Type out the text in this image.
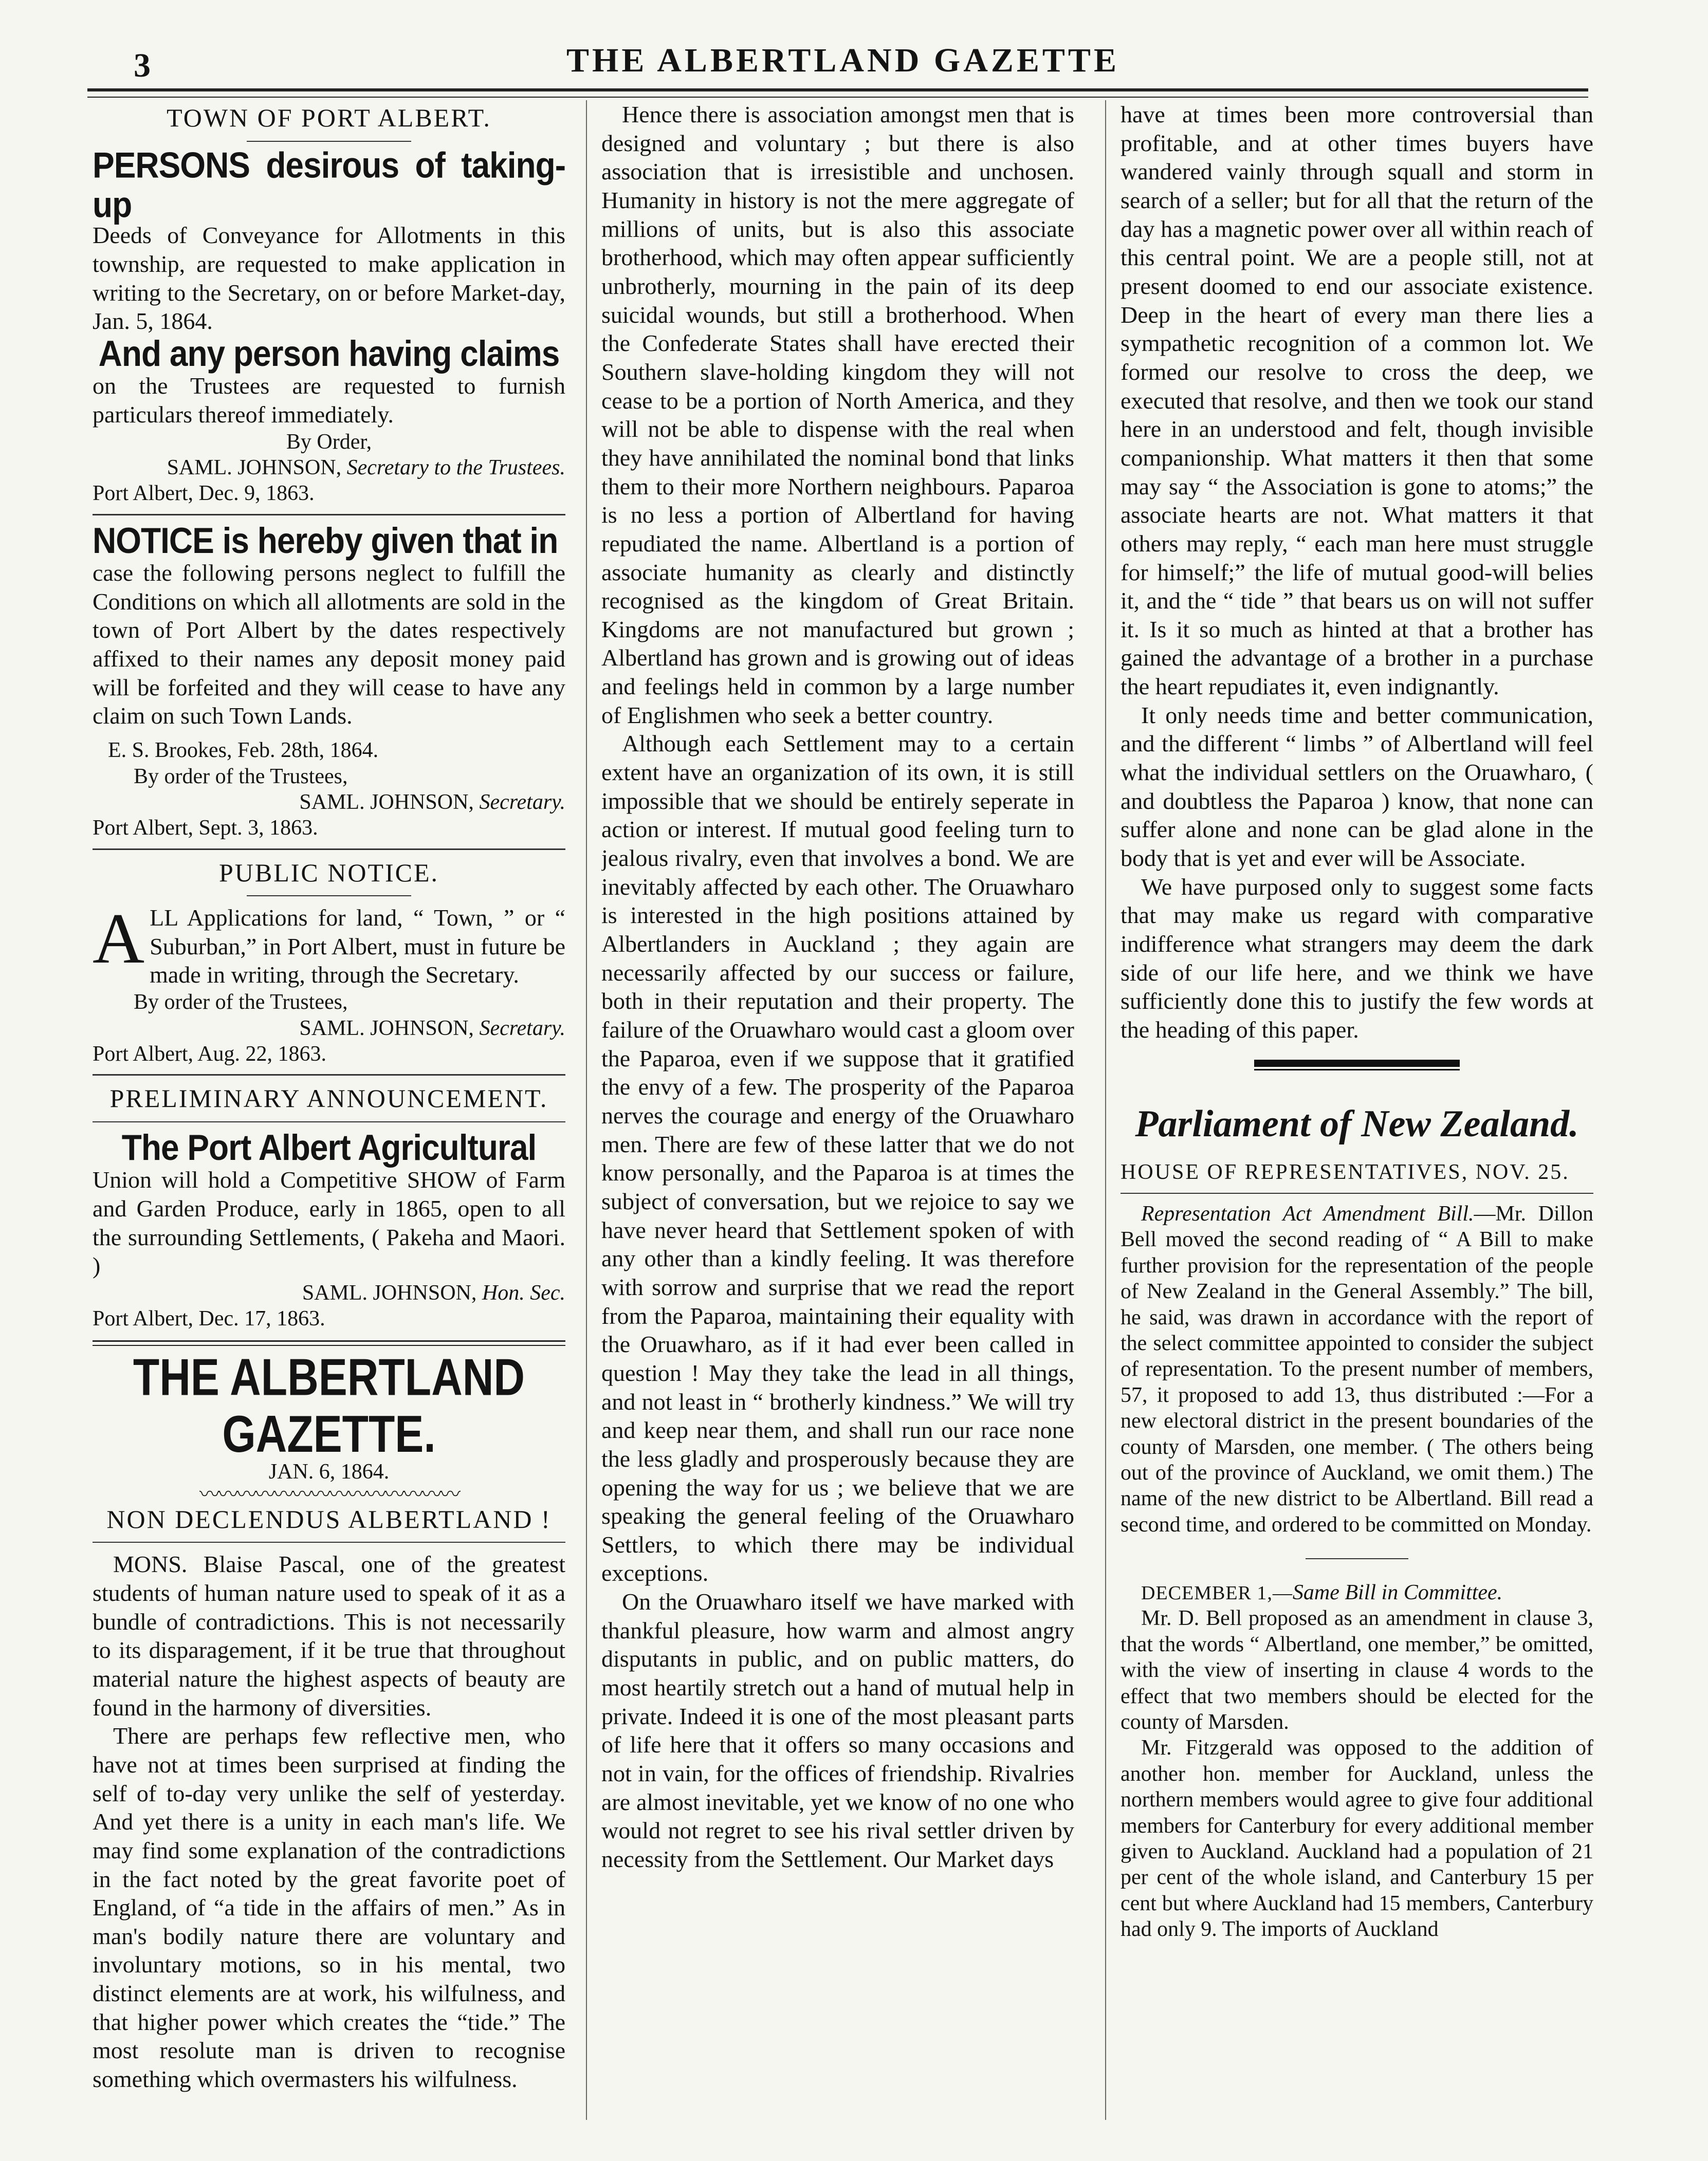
3	THE ALBERTLAND GAZETTE

TOWN OF PORT ALBERT.

PERSONS desirous of taking-up

Deeds of Conveyance for Allotments in this township, are requested to make application in writing to the Secretary, on or before Market-day, Jan. 5, 1864.

And any person having claims

on the Trustees are requested to furnish particulars thereof immediately.

By Order,

SAML. JOHNSON, Secretary to the Trustees.

Port Albert, Dec. 9, 1863.

NOTICE is hereby given that in

case the following persons neglect to fulfill the Conditions on which all allotments are sold in the town of Port Albert by the dates respectively affixed to their names any deposit money paid will be forfeited and they will cease to have any claim on such Town Lands.

E. S. Brookes, Feb. 28th, 1864.

By order of the Trustees,

SAML. JOHNSON, Secretary.

Port Albert, Sept. 3, 1863.

PUBLIC NOTICE.

ALL Applications for land, “ Town, ” or “ Suburban,” in Port Albert, must in future be made in writing, through the Secretary.

By order of the Trustees,

SAML. JOHNSON, Secretary.

Port Albert, Aug. 22, 1863.

PRELIMINARY ANNOUNCEMENT.

The Port Albert Agricultural

Union will hold a Competitive SHOW of Farm and Garden Produce, early in 1865, open to all the surrounding Settlements, ( Pakeha and Maori. )

SAML. JOHNSON, Hon. Sec.

Port Albert, Dec. 17, 1863.

THE ALBERTLAND GAZETTE.

JAN. 6, 1864.

〰〰〰〰〰〰〰〰〰〰〰〰〰〰

NON DECLENDUS ALBERTLAND !

MONS. Blaise Pascal, one of the greatest students of human nature used to speak of it as a bundle of contradictions. This is not necessarily to its disparagement, if it be true that throughout material nature the highest aspects of beauty are found in the harmony of diversities.

There are perhaps few reflective men, who have not at times been surprised at finding the self of to-day very unlike the self of yesterday. And yet there is a unity in each man's life. We may find some explanation of the contradictions in the fact noted by the great favorite poet of England, of “a tide in the affairs of men.” As in man's bodily nature there are voluntary and involuntary motions, so in his mental, two distinct elements are at work, his wilfulness, and that higher power which creates the “tide.” The most resolute man is driven to recognise something which overmasters his wilfulness.

Hence there is association amongst men that is designed and voluntary ; but there is also association that is irresistible and unchosen. Humanity in history is not the mere aggregate of millions of units, but is also this associate brotherhood, which may often appear sufficiently unbrotherly, mourning in the pain of its deep suicidal wounds, but still a brotherhood. When the Confederate States shall have erected their Southern slave-holding kingdom they will not cease to be a portion of North America, and they will not be able to dispense with the real when they have annihilated the nominal bond that links them to their more Northern neighbours. Paparoa is no less a portion of Albertland for having repudiated the name. Albertland is a portion of associate humanity as clearly and distinctly recognised as the kingdom of Great Britain. Kingdoms are not manufactured but grown ; Albertland has grown and is growing out of ideas and feelings held in common by a large number of Englishmen who seek a better country.

Although each Settlement may to a certain extent have an organization of its own, it is still impossible that we should be entirely seperate in action or interest. If mutual good feeling turn to jealous rivalry, even that involves a bond. We are inevitably affected by each other. The Oruawharo is interested in the high positions attained by Albertlanders in Auckland ; they again are necessarily affected by our success or failure, both in their reputation and their property. The failure of the Oruawharo would cast a gloom over the Paparoa, even if we suppose that it gratified the envy of a few. The prosperity of the Paparoa nerves the courage and energy of the Oruawharo men. There are few of these latter that we do not know personally, and the Paparoa is at times the subject of conversation, but we rejoice to say we have never heard that Settlement spoken of with any other than a kindly feeling. It was therefore with sorrow and surprise that we read the report from the Paparoa, maintaining their equality with the Oruawharo, as if it had ever been called in question ! May they take the lead in all things, and not least in “ brotherly kindness.” We will try and keep near them, and shall run our race none the less gladly and prosperously because they are opening the way for us ; we believe that we are speaking the general feeling of the Oruawharo Settlers, to which there may be individual exceptions.

On the Oruawharo itself we have marked with thankful pleasure, how warm and almost angry disputants in public, and on public matters, do most heartily stretch out a hand of mutual help in private. Indeed it is one of the most pleasant parts of life here that it offers so many occasions and not in vain, for the offices of friendship. Rivalries are almost inevitable, yet we know of no one who would not regret to see his rival settler driven by necessity from the Settlement. Our Market days

have at times been more controversial than profitable, and at other times buyers have wandered vainly through squall and storm in search of a seller; but for all that the return of the day has a magnetic power over all within reach of this central point. We are a people still, not at present doomed to end our associate existence. Deep in the heart of every man there lies a sympathetic recognition of a common lot. We formed our resolve to cross the deep, we executed that resolve, and then we took our stand here in an understood and felt, though invisible companionship. What matters it then that some may say “ the Association is gone to atoms;” the associate hearts are not. What matters it that others may reply, “ each man here must struggle for himself;” the life of mutual good-will belies it, and the “ tide ” that bears us on will not suffer it. Is it so much as hinted at that a brother has gained the advantage of a brother in a purchase the heart repudiates it, even indignantly.

It only needs time and better communication, and the different “ limbs ” of Albertland will feel what the individual settlers on the Oruawharo, ( and doubtless the Paparoa ) know, that none can suffer alone and none can be glad alone in the body that is yet and ever will be Associate.

We have purposed only to suggest some facts that may make us regard with comparative indifference what strangers may deem the dark side of our life here, and we think we have sufficiently done this to justify the few words at the heading of this paper.

Parliament of New Zealand.

HOUSE OF REPRESENTATIVES, NOV. 25.

Representation Act Amendment Bill.—Mr. Dillon Bell moved the second reading of “ A Bill to make further provision for the representation of the people of New Zealand in the General Assembly.” The bill, he said, was drawn in accordance with the report of the select committee appointed to consider the subject of representation. To the present number of members, 57, it proposed to add 13, thus distributed :—For a new electoral district in the present boundaries of the county of Marsden, one member. ( The others being out of the province of Auckland, we omit them.) The name of the new district to be Albertland. Bill read a second time, and ordered to be committed on Monday.

DECEMBER 1,—Same Bill in Committee.

Mr. D. Bell proposed as an amendment in clause 3, that the words “ Albertland, one member,” be omitted, with the view of inserting in clause 4 words to the effect that two members should be elected for the county of Marsden.

Mr. Fitzgerald was opposed to the addition of another hon. member for Auckland, unless the northern members would agree to give four additional members for Canterbury for every additional member given to Auckland. Auckland had a population of 21 per cent of the whole island, and Canterbury 15 per cent but where Auckland had 15 members, Canterbury had only 9. The imports of Auckland
